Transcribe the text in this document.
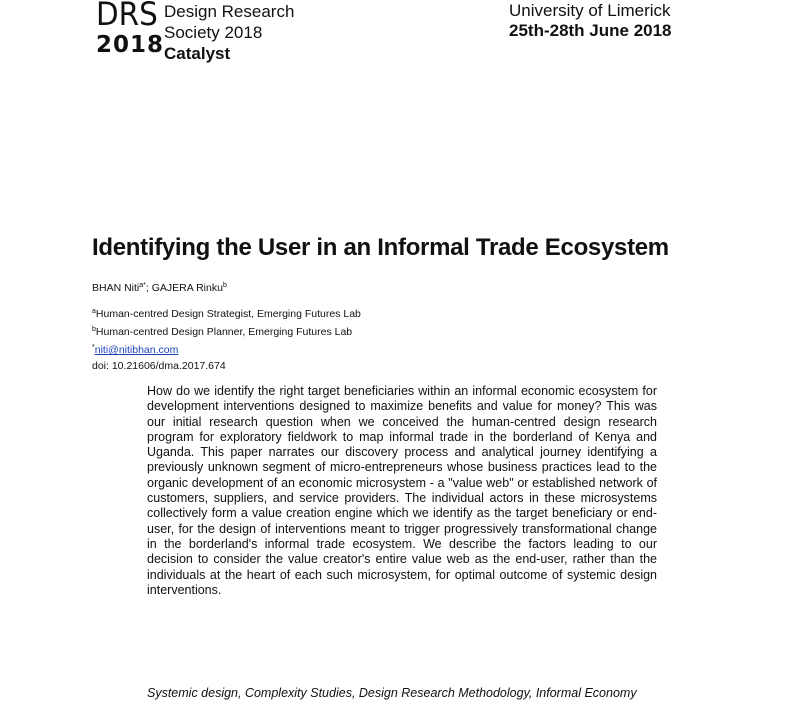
DRS
2018
Design Research
Society 2018
Catalyst
University of Limerick
25th-28th June 2018
Identifying the User in an Informal Trade Ecosystem
BHAN Niti$^{a*}$; GAJERA Rinku$^b$
$^a$Human-centred Design Strategist, Emerging Futures Lab
$^b$Human-centred Design Planner, Emerging Futures Lab
*niti@nitibhan.com
doi: 10.21606/dma.2017.674

How do we identify the right target beneficiaries within an informal economic ecosystem for development interventions designed to maximize benefits and value for money? This was our initial research question when we conceived the human-centred design research program for exploratory fieldwork to map informal trade in the borderland of Kenya and Uganda. This paper narrates our discovery process and analytical journey identifying a previously unknown segment of micro-entrepreneurs whose business practices lead to the organic development of an economic microsystem - a "value web" or established network of customers, suppliers, and service providers. The individual actors in these microsystems collectively form a value creation engine which we identify as the target beneficiary or end-user, for the design of interventions meant to trigger progressively transformational change in the borderland's informal trade ecosystem. We describe the factors leading to our decision to consider the value creator's entire value web as the end-user, rather than the individuals at the heart of each such microsystem, for optimal outcome of systemic design interventions.

Systemic design, Complexity Studies, Design Research Methodology, Informal Economy
